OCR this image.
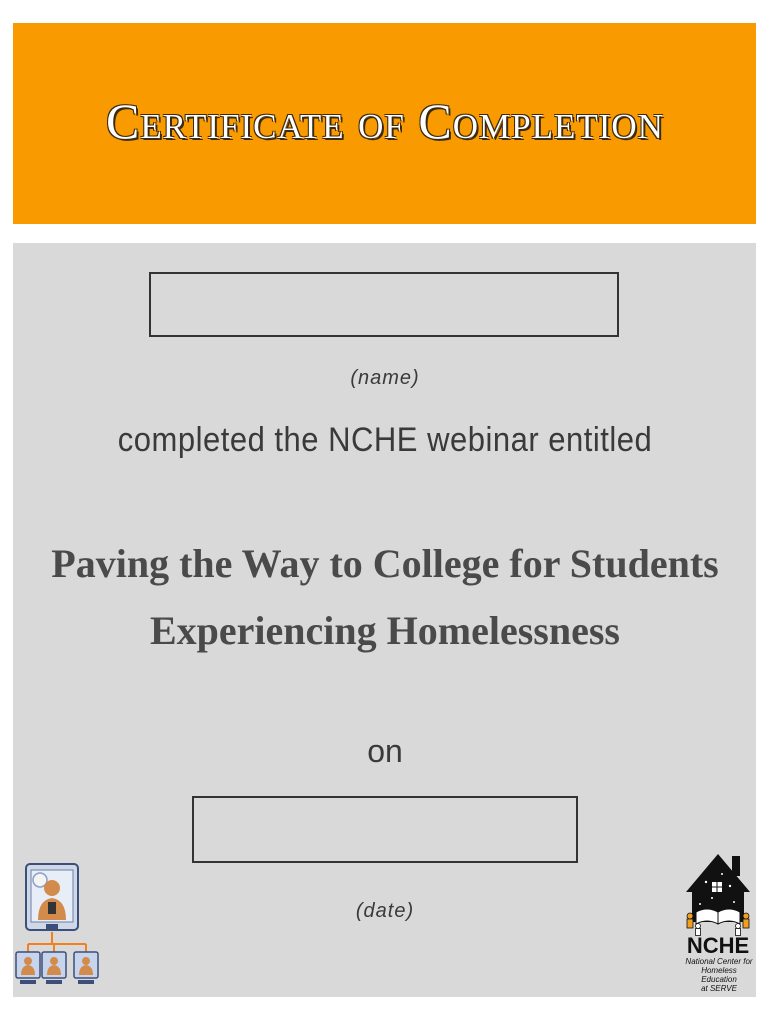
Certificate of Completion
(name)
completed the NCHE webinar entitled
Paving the Way to College for Students Experiencing Homelessness
on
(date)
NCHE
National Center for
Homeless Education
at SERVE
